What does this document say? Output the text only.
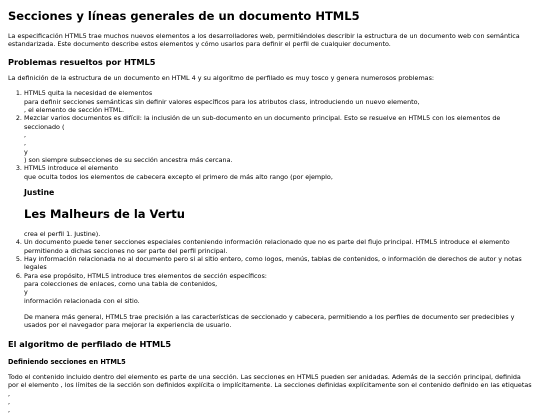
Secciones y líneas generales de un documento HTML5

La especificación HTML5 trae muchos nuevos elementos a los desarrolladores web, permitiéndoles describir la estructura de un documento web con semántica estandarizada. Este documento describe estos elementos y cómo usarlos para definir el perfil de cualquier documento.

Problemas resueltos por HTML5

La definición de la estructura de un documento en HTML 4 y su algoritmo de perfilado es muy tosco y genera numerosos problemas:

1. HTML5 quita la necesidad de elementos
para definir secciones semánticas sin definir valores específicos para los atributos class, introduciendo un nuevo elemento,
, el elemento de sección HTML.
2. Mezclar varios documentos es difícil: la inclusión de un sub-documento en un documento principal. Esto se resuelve en HTML5 con los elementos de seccionado (
,
,
y
) son siempre subsecciones de su sección ancestra más cercana.
3. HTML5 introduce el elemento
que oculta todos los elementos de cabecera excepto el primero de más alto rango (por ejemplo,
Justine
Les Malheurs de la Vertu
crea el perfil 1. Justine).
4. Un documento puede tener secciones especiales conteniendo información relacionado que no es parte del flujo principal. HTML5 introduce el elemento permitiendo a dichas secciones no ser parte del perfil principal.
5. Hay información relacionada no al documento pero si al sitio entero, como logos, menús, tablas de contenidos, o información de derechos de autor y notas legales
6. Para ese propósito, HTML5 introduce tres elementos de sección específicos:
para colecciones de enlaces, como una tabla de contenidos,
y
información relacionada con el sitio.

De manera más general, HTML5 trae precisión a las características de seccionado y cabecera, permitiendo a los perfiles de documento ser predecibles y usados por el navegador para mejorar la experiencia de usuario.

El algoritmo de perfilado de HTML5
Definiendo secciones en HTML5

Todo el contenido incluido dentro del elemento es parte de una sección. Las secciones en HTML5 pueden ser anidadas. Además de la sección principal, definida por el elemento , los límites de la sección son definidos explícita o implícitamente. La secciones definidas explícitamente son el contenido definido en las etiquetas ,
,
,
